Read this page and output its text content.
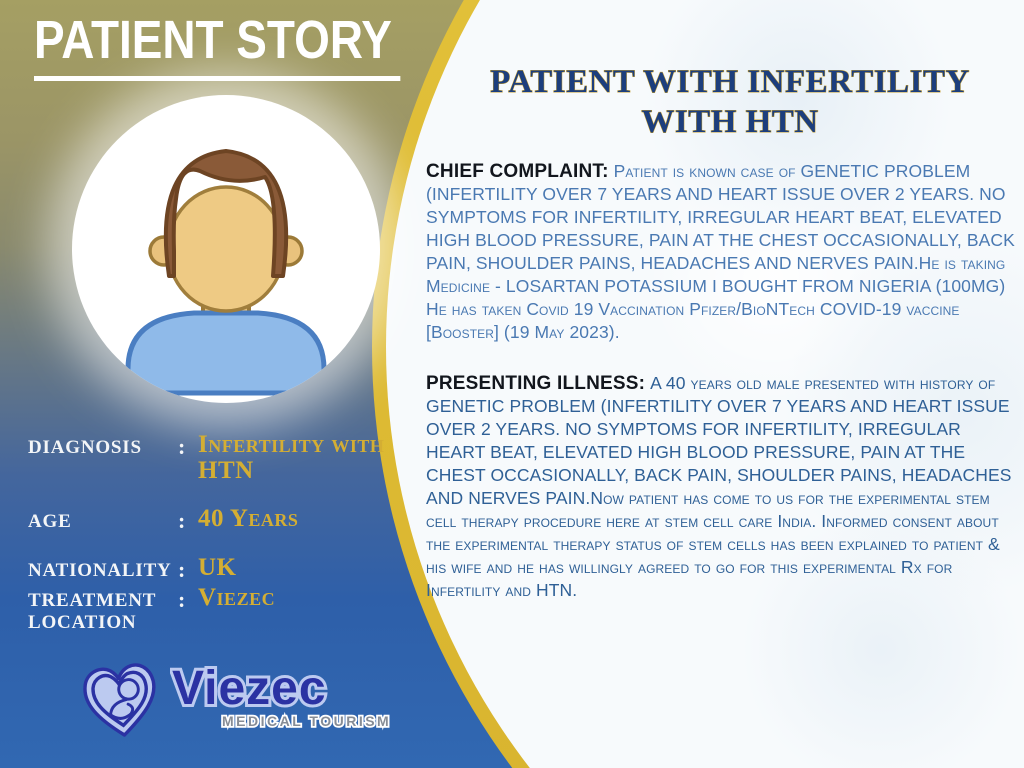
PATIENT STORY
DIAGNOSIS	: Infertility with HTN
AGE	: 40 Years
NATIONALITY : UK
TREATMENT LOCATION
: Viezec
Viezec
MEDICAL TOURISM
PATIENT WITH INFERTILITY
WITH HTN

CHIEF COMPLAINT: Patient is known case of GENETIC PROBLEM (INFERTILITY OVER 7 YEARS AND HEART ISSUE OVER 2 YEARS. NO SYMPTOMS FOR INFERTILITY, IRREGULAR HEART BEAT, ELEVATED HIGH BLOOD PRESSURE, PAIN AT THE CHEST OCCASIONALLY, BACK PAIN, SHOULDER PAINS, HEADACHES AND NERVES PAIN.He is taking Medicine - LOSARTAN POTASSIUM I BOUGHT FROM NIGERIA (100MG) He has taken Covid 19 Vaccination Pfizer/BioNTech COVID-19 vaccine [Booster] (19 May 2023).

PRESENTING ILLNESS: A 40 years old male presented with history of GENETIC PROBLEM (INFERTILITY OVER 7 YEARS AND HEART ISSUE OVER 2 YEARS. NO SYMPTOMS FOR INFERTILITY, IRREGULAR HEART BEAT, ELEVATED HIGH BLOOD PRESSURE, PAIN AT THE CHEST OCCASIONALLY, BACK PAIN, SHOULDER PAINS, HEADACHES AND NERVES PAIN.Now patient has come to us for the experimental stem cell therapy procedure here at stem cell care India. Informed consent about the experimental therapy status of stem cells has been explained to patient & his wife and he has willingly agreed to go for this experimental Rx for Infertility and HTN.
